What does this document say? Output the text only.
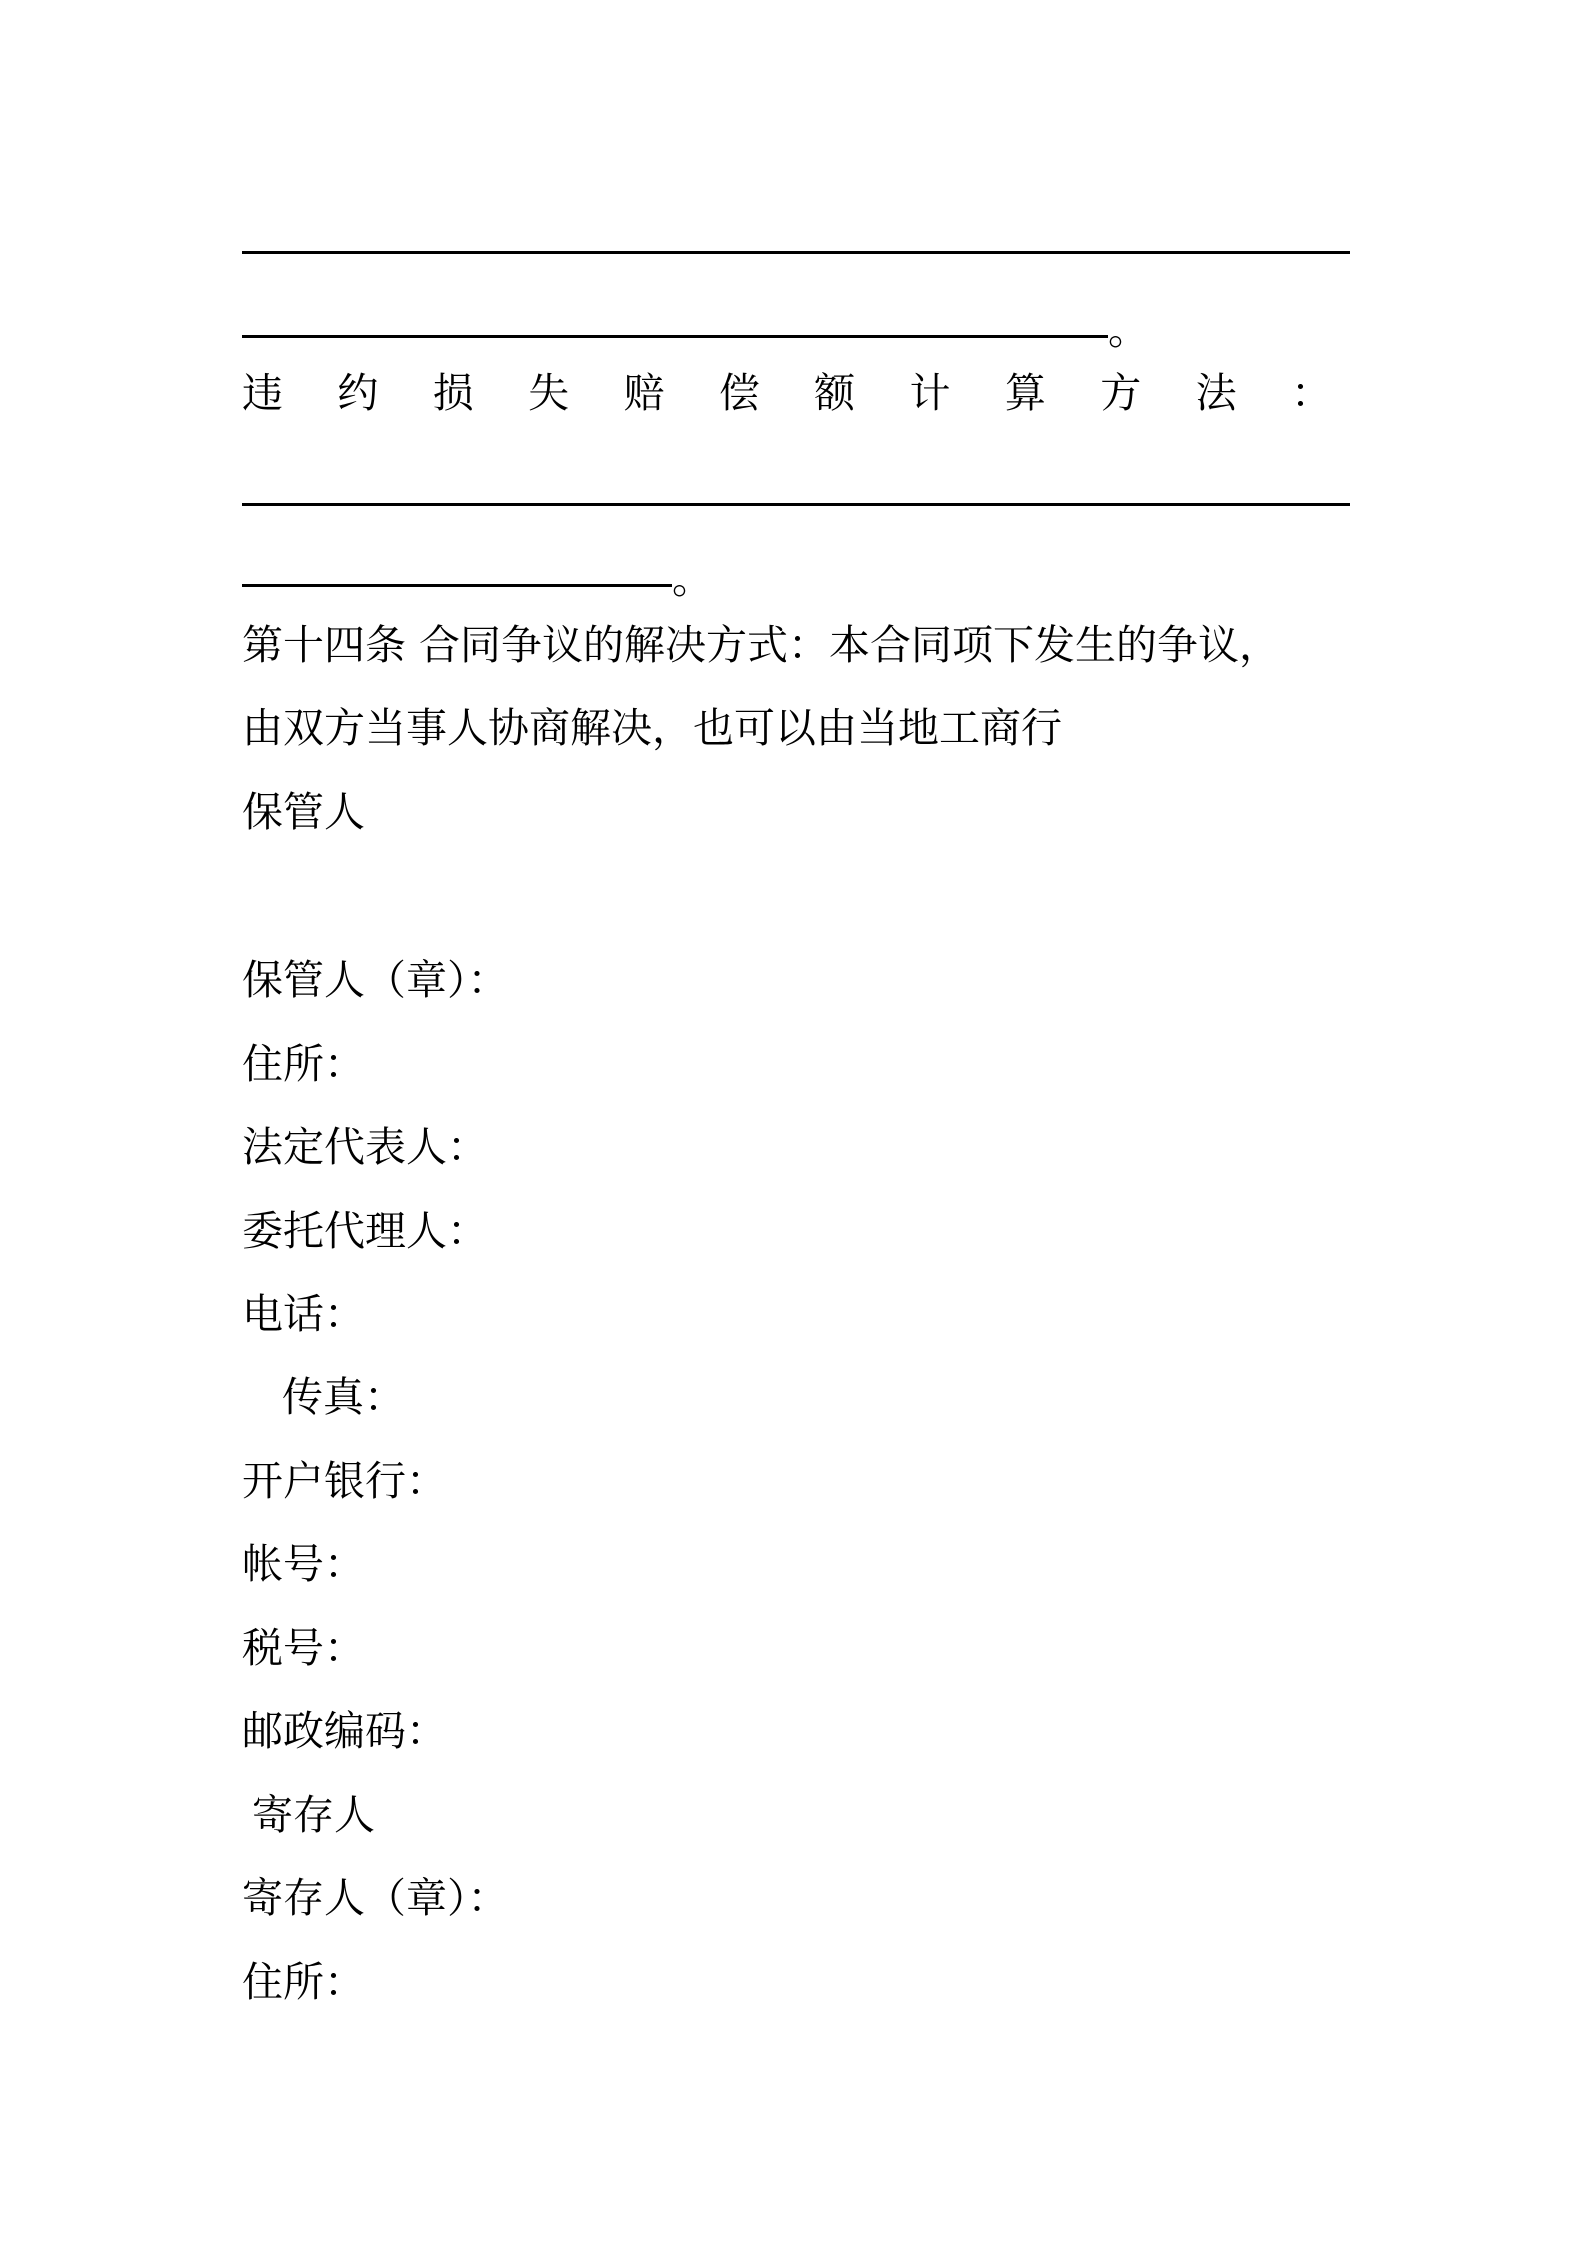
。
违 约 损 失 赔 偿 额 计 算 方 法 ：
。
第十四条 合同争议的解决方式：本合同项下发生的争议，
由双方当事人协商解决，也可以由当地工商行
保管人
保管人（章）：
住所：
法定代表人：
委托代理人：
电话：
传真：
开户银行：
帐号：
税号：
邮政编码：
寄存人
寄存人（章）：
住所：
